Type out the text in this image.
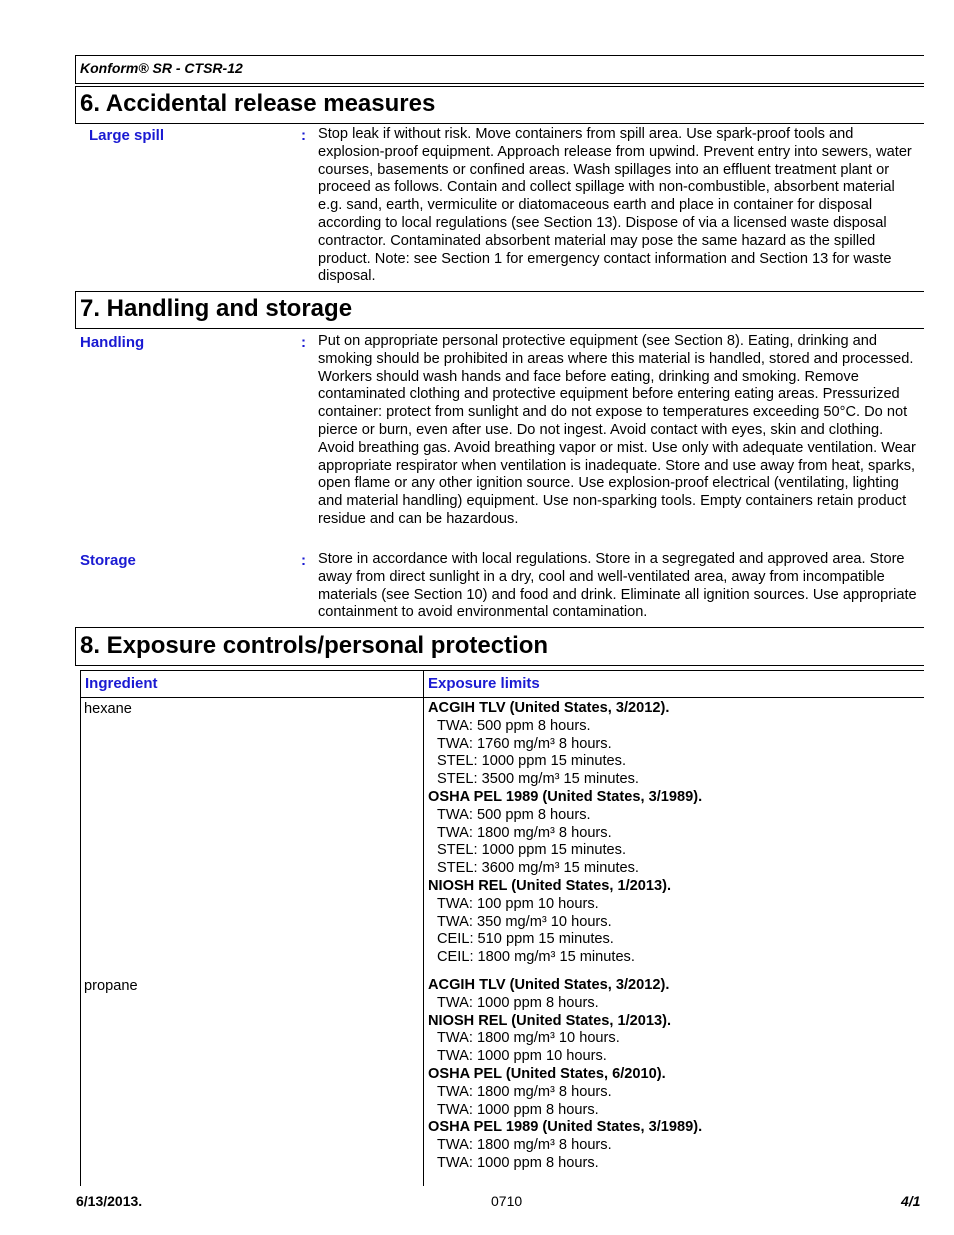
Konform® SR - CTSR-12
6. Accidental release measures
Large spill	: Stop leak if without risk. Move containers from spill area. Use spark-proof tools and explosion-proof equipment. Approach release from upwind. Prevent entry into sewers, water courses, basements or confined areas. Wash spillages into an effluent treatment plant or proceed as follows. Contain and collect spillage with non-combustible, absorbent material e.g. sand, earth, vermiculite or diatomaceous earth and place in container for disposal according to local regulations (see Section 13). Dispose of via a licensed waste disposal contractor. Contaminated absorbent material may pose the same hazard as the spilled product. Note: see Section 1 for emergency contact information and Section 13 for waste disposal.
7. Handling and storage
Handling	: Put on appropriate personal protective equipment (see Section 8). Eating, drinking and smoking should be prohibited in areas where this material is handled, stored and processed. Workers should wash hands and face before eating, drinking and smoking. Remove contaminated clothing and protective equipment before entering eating areas. Pressurized container: protect from sunlight and do not expose to temperatures exceeding 50°C. Do not pierce or burn, even after use. Do not ingest. Avoid contact with eyes, skin and clothing. Avoid breathing gas. Avoid breathing vapor or mist. Use only with adequate ventilation. Wear appropriate respirator when ventilation is inadequate. Store and use away from heat, sparks, open flame or any other ignition source. Use explosion-proof electrical (ventilating, lighting and material handling) equipment. Use non-sparking tools. Empty containers retain product residue and can be hazardous.
Storage	: Store in accordance with local regulations. Store in a segregated and approved area. Store away from direct sunlight in a dry, cool and well-ventilated area, away from incompatible materials (see Section 10) and food and drink. Eliminate all ignition sources. Use appropriate containment to avoid environmental contamination.
8. Exposure controls/personal protection
Ingredient	Exposure limits
hexane	ACGIH TLV (United States, 3/2012).
TWA: 500 ppm 8 hours.
TWA: 1760 mg/m³ 8 hours.
STEL: 1000 ppm 15 minutes.
STEL: 3500 mg/m³ 15 minutes.
OSHA PEL 1989 (United States, 3/1989).
TWA: 500 ppm 8 hours.
TWA: 1800 mg/m³ 8 hours.
STEL: 1000 ppm 15 minutes.
STEL: 3600 mg/m³ 15 minutes.
NIOSH REL (United States, 1/2013).
TWA: 100 ppm 10 hours.
TWA: 350 mg/m³ 10 hours.
CEIL: 510 ppm 15 minutes.
CEIL: 1800 mg/m³ 15 minutes.
propane	ACGIH TLV (United States, 3/2012).
TWA: 1000 ppm 8 hours.
NIOSH REL (United States, 1/2013).
TWA: 1800 mg/m³ 10 hours.
TWA: 1000 ppm 10 hours.
OSHA PEL (United States, 6/2010).
TWA: 1800 mg/m³ 8 hours.
TWA: 1000 ppm 8 hours.
OSHA PEL 1989 (United States, 3/1989).
TWA: 1800 mg/m³ 8 hours.
TWA: 1000 ppm 8 hours.
6/13/2013.	0710	4/1
